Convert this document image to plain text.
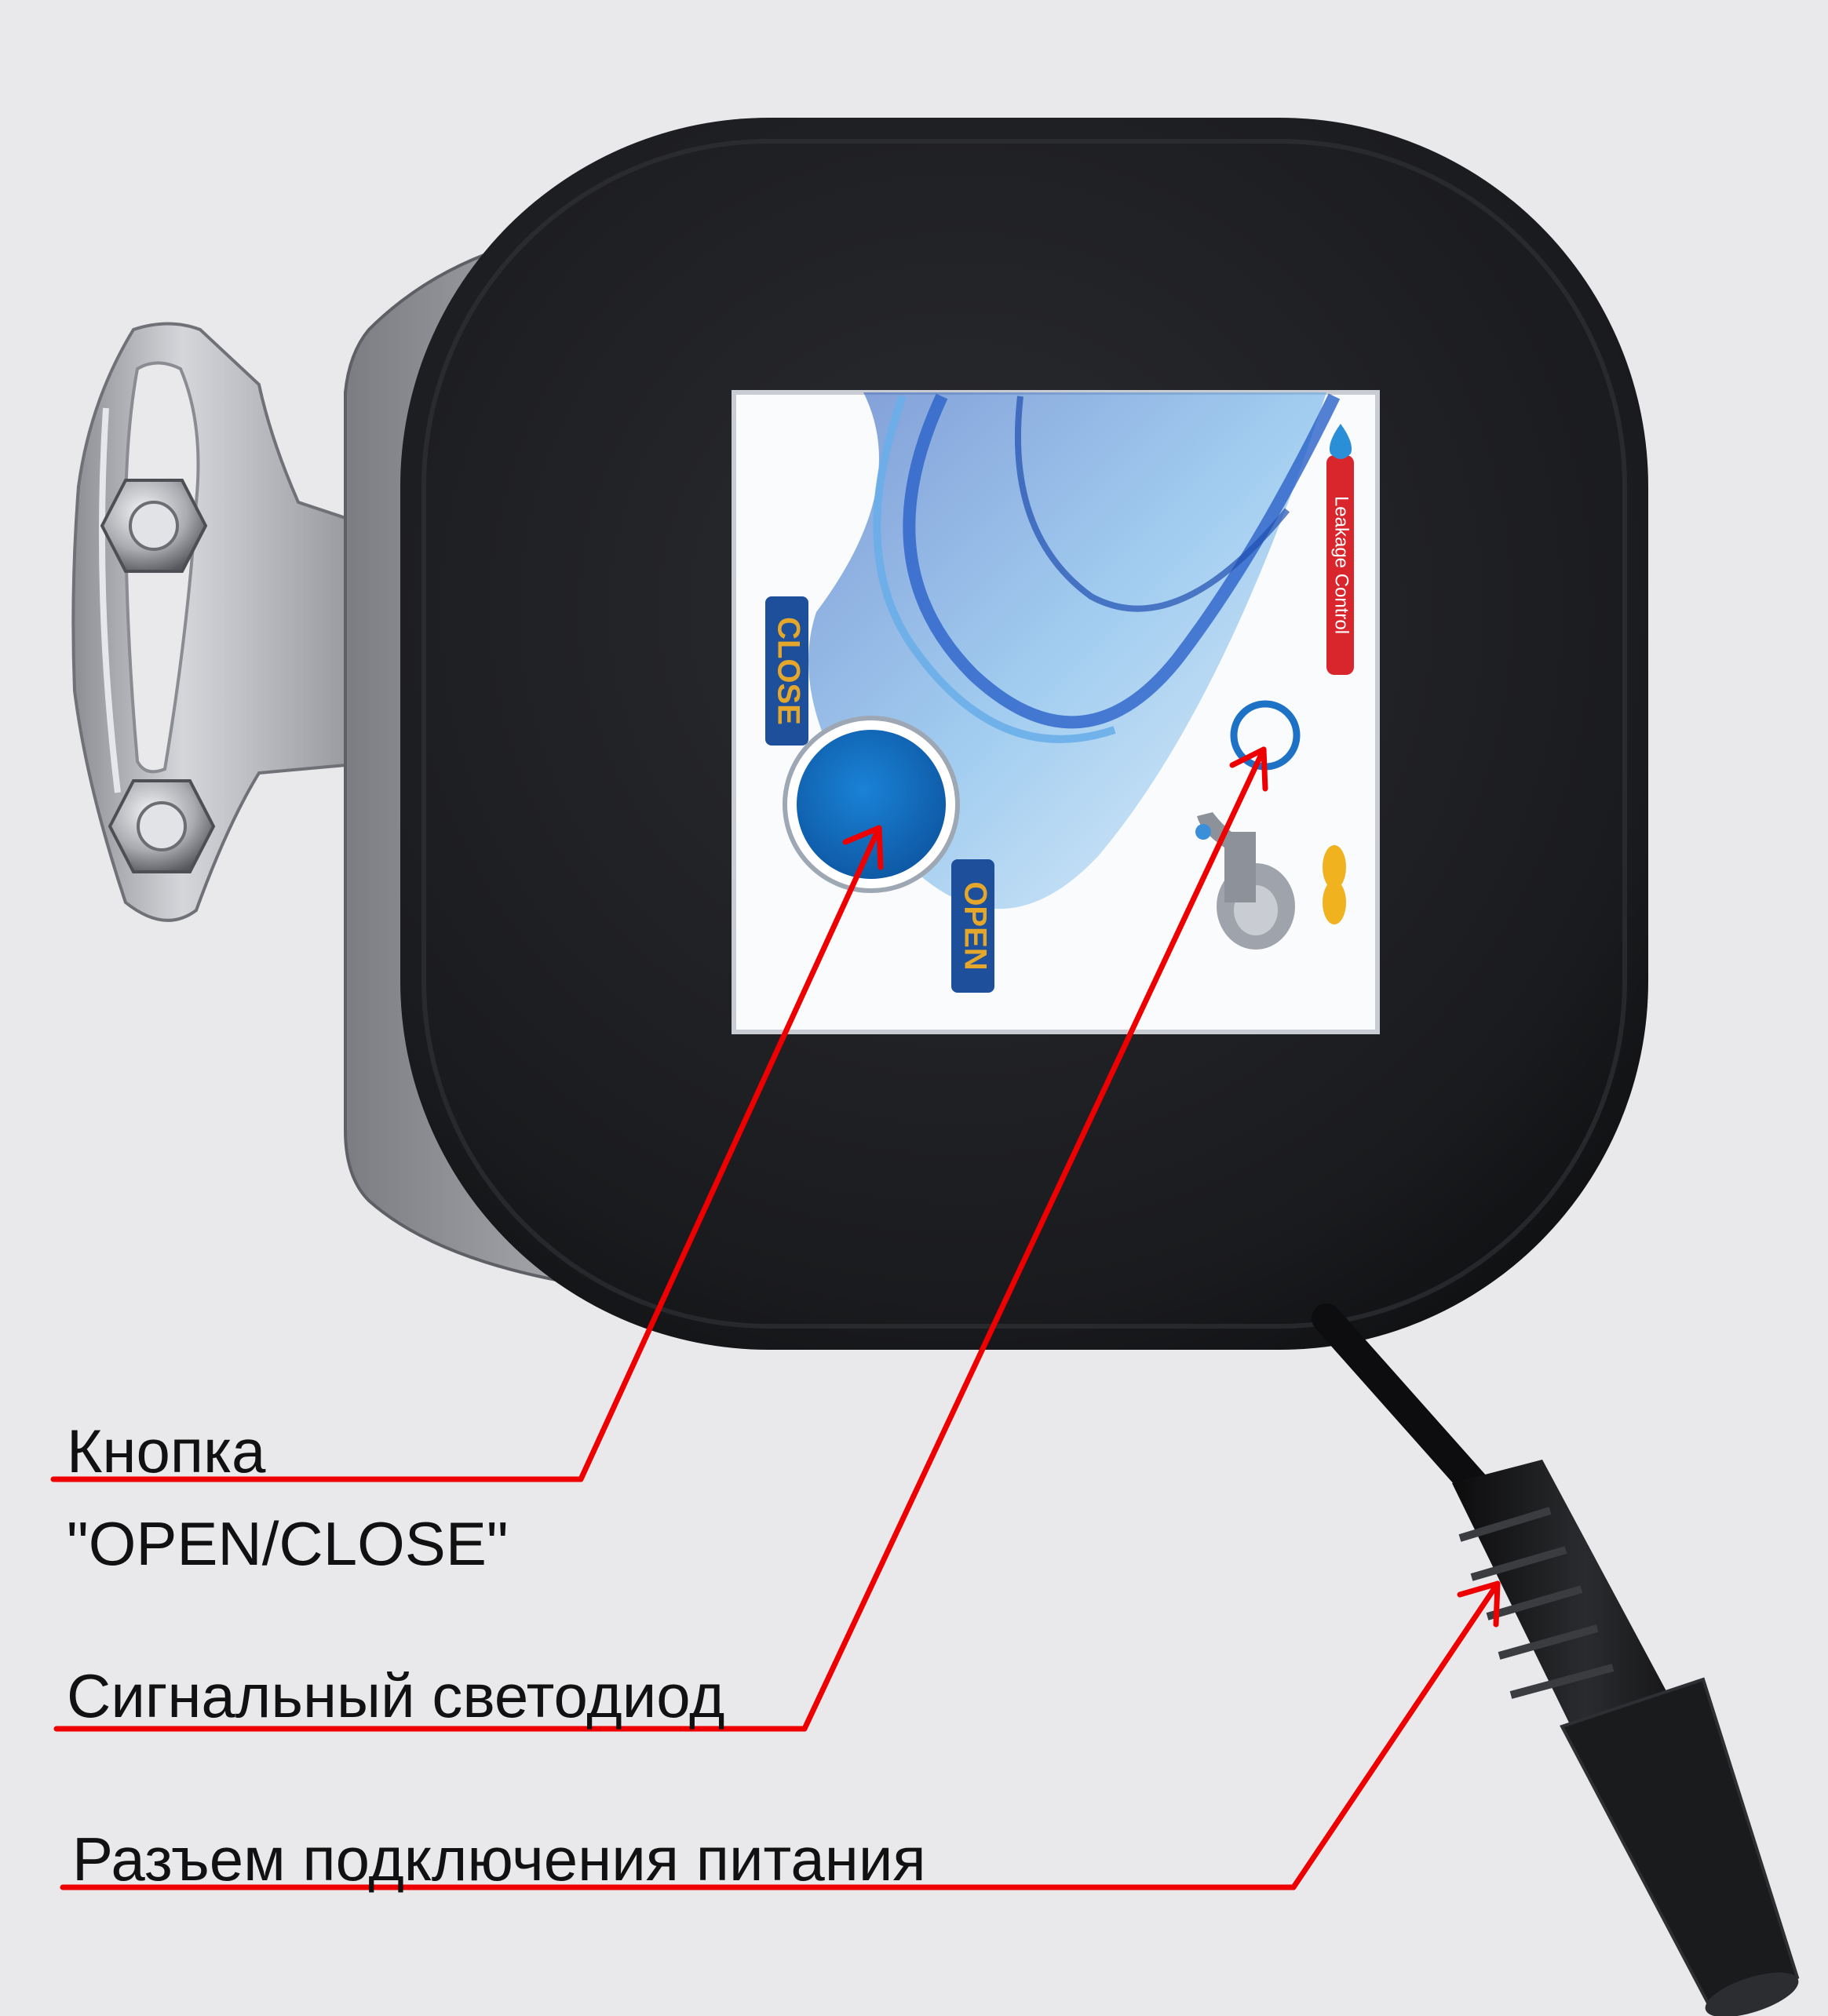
CLOSE
OPEN
Leakage Control
Кнопка
"OPEN/CLOSE"
Сигнальный светодиод
Разъем подключения питания
